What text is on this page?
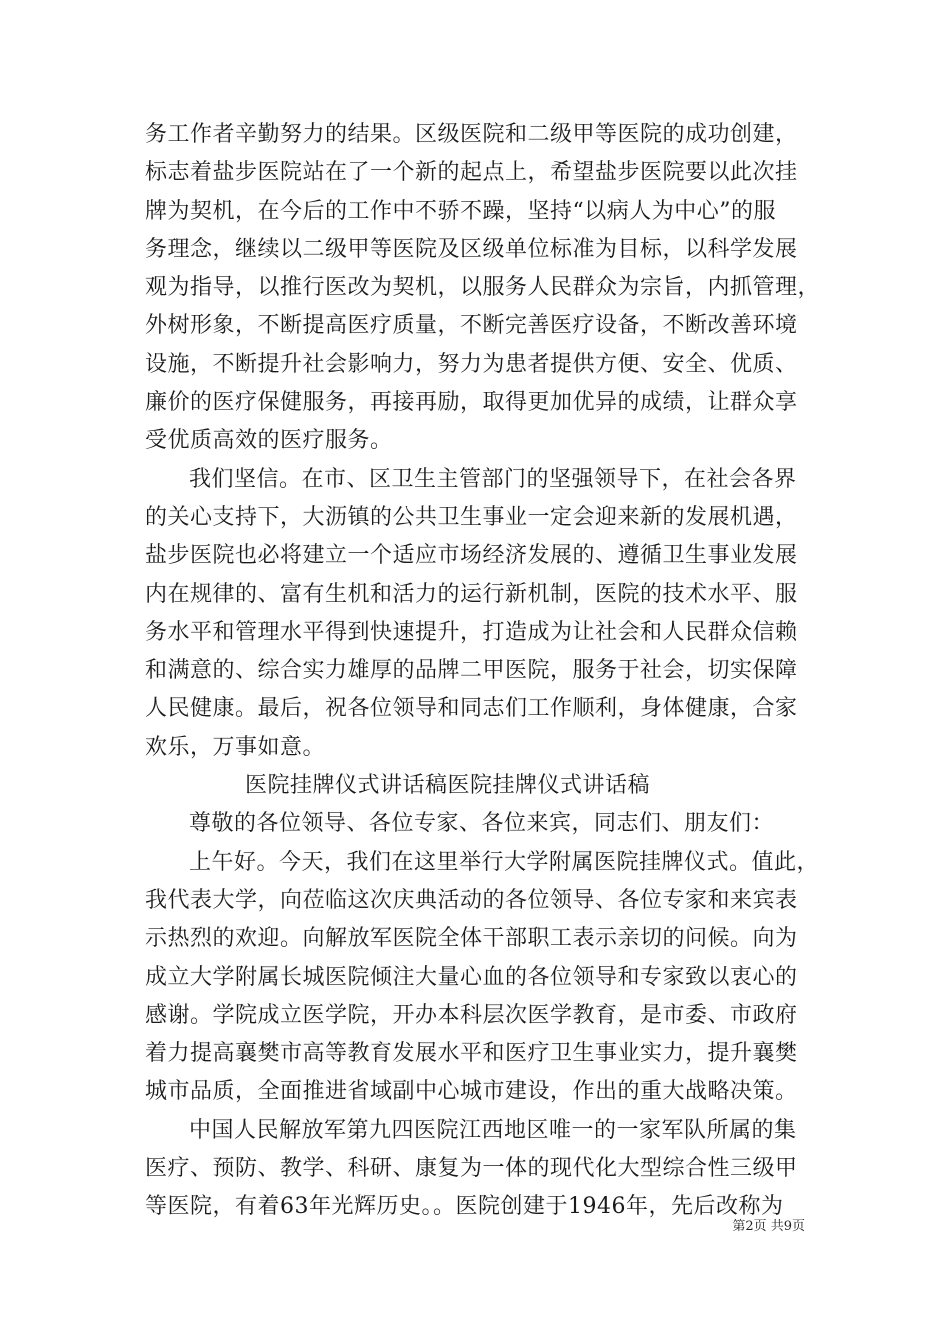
务工作者辛勤努力的结果。区级医院和二级甲等医院的成功创建，
标志着盐步医院站在了一个新的起点上，希望盐步医院要以此次挂
牌为契机，在今后的工作中不骄不躁，坚持“以病人为中心”的服
务理念，继续以二级甲等医院及区级单位标准为目标，以科学发展
观为指导，以推行医改为契机，以服务人民群众为宗旨，内抓管理，
外树形象，不断提高医疗质量，不断完善医疗设备，不断改善环境
设施，不断提升社会影响力，努力为患者提供方便、安全、优质、
廉价的医疗保健服务，再接再励，取得更加优异的成绩，让群众享
受优质高效的医疗服务。
我们坚信。在市、区卫生主管部门的坚强领导下，在社会各界
的关心支持下，大沥镇的公共卫生事业一定会迎来新的发展机遇，
盐步医院也必将建立一个适应市场经济发展的、遵循卫生事业发展
内在规律的、富有生机和活力的运行新机制，医院的技术水平、服
务水平和管理水平得到快速提升，打造成为让社会和人民群众信赖
和满意的、综合实力雄厚的品牌二甲医院，服务于社会，切实保障
人民健康。最后，祝各位领导和同志们工作顺利，身体健康，合家
欢乐，万事如意。
医院挂牌仪式讲话稿医院挂牌仪式讲话稿
尊敬的各位领导、各位专家、各位来宾，同志们、朋友们：
上午好。今天，我们在这里举行大学附属医院挂牌仪式。值此，
我代表大学，向莅临这次庆典活动的各位领导、各位专家和来宾表
示热烈的欢迎。向解放军医院全体干部职工表示亲切的问候。向为
成立大学附属长城医院倾注大量心血的各位领导和专家致以衷心的
感谢。学院成立医学院，开办本科层次医学教育，是市委、市政府
着力提高襄樊市高等教育发展水平和医疗卫生事业实力，提升襄樊
城市品质，全面推进省域副中心城市建设，作出的重大战略决策。
中国人民解放军第九四医院江西地区唯一的一家军队所属的集
医疗、预防、教学、科研、康复为一体的现代化大型综合性三级甲
等医院，有着63年光辉历史。。医院创建于1946年，先后改称为
第2页 共9页
